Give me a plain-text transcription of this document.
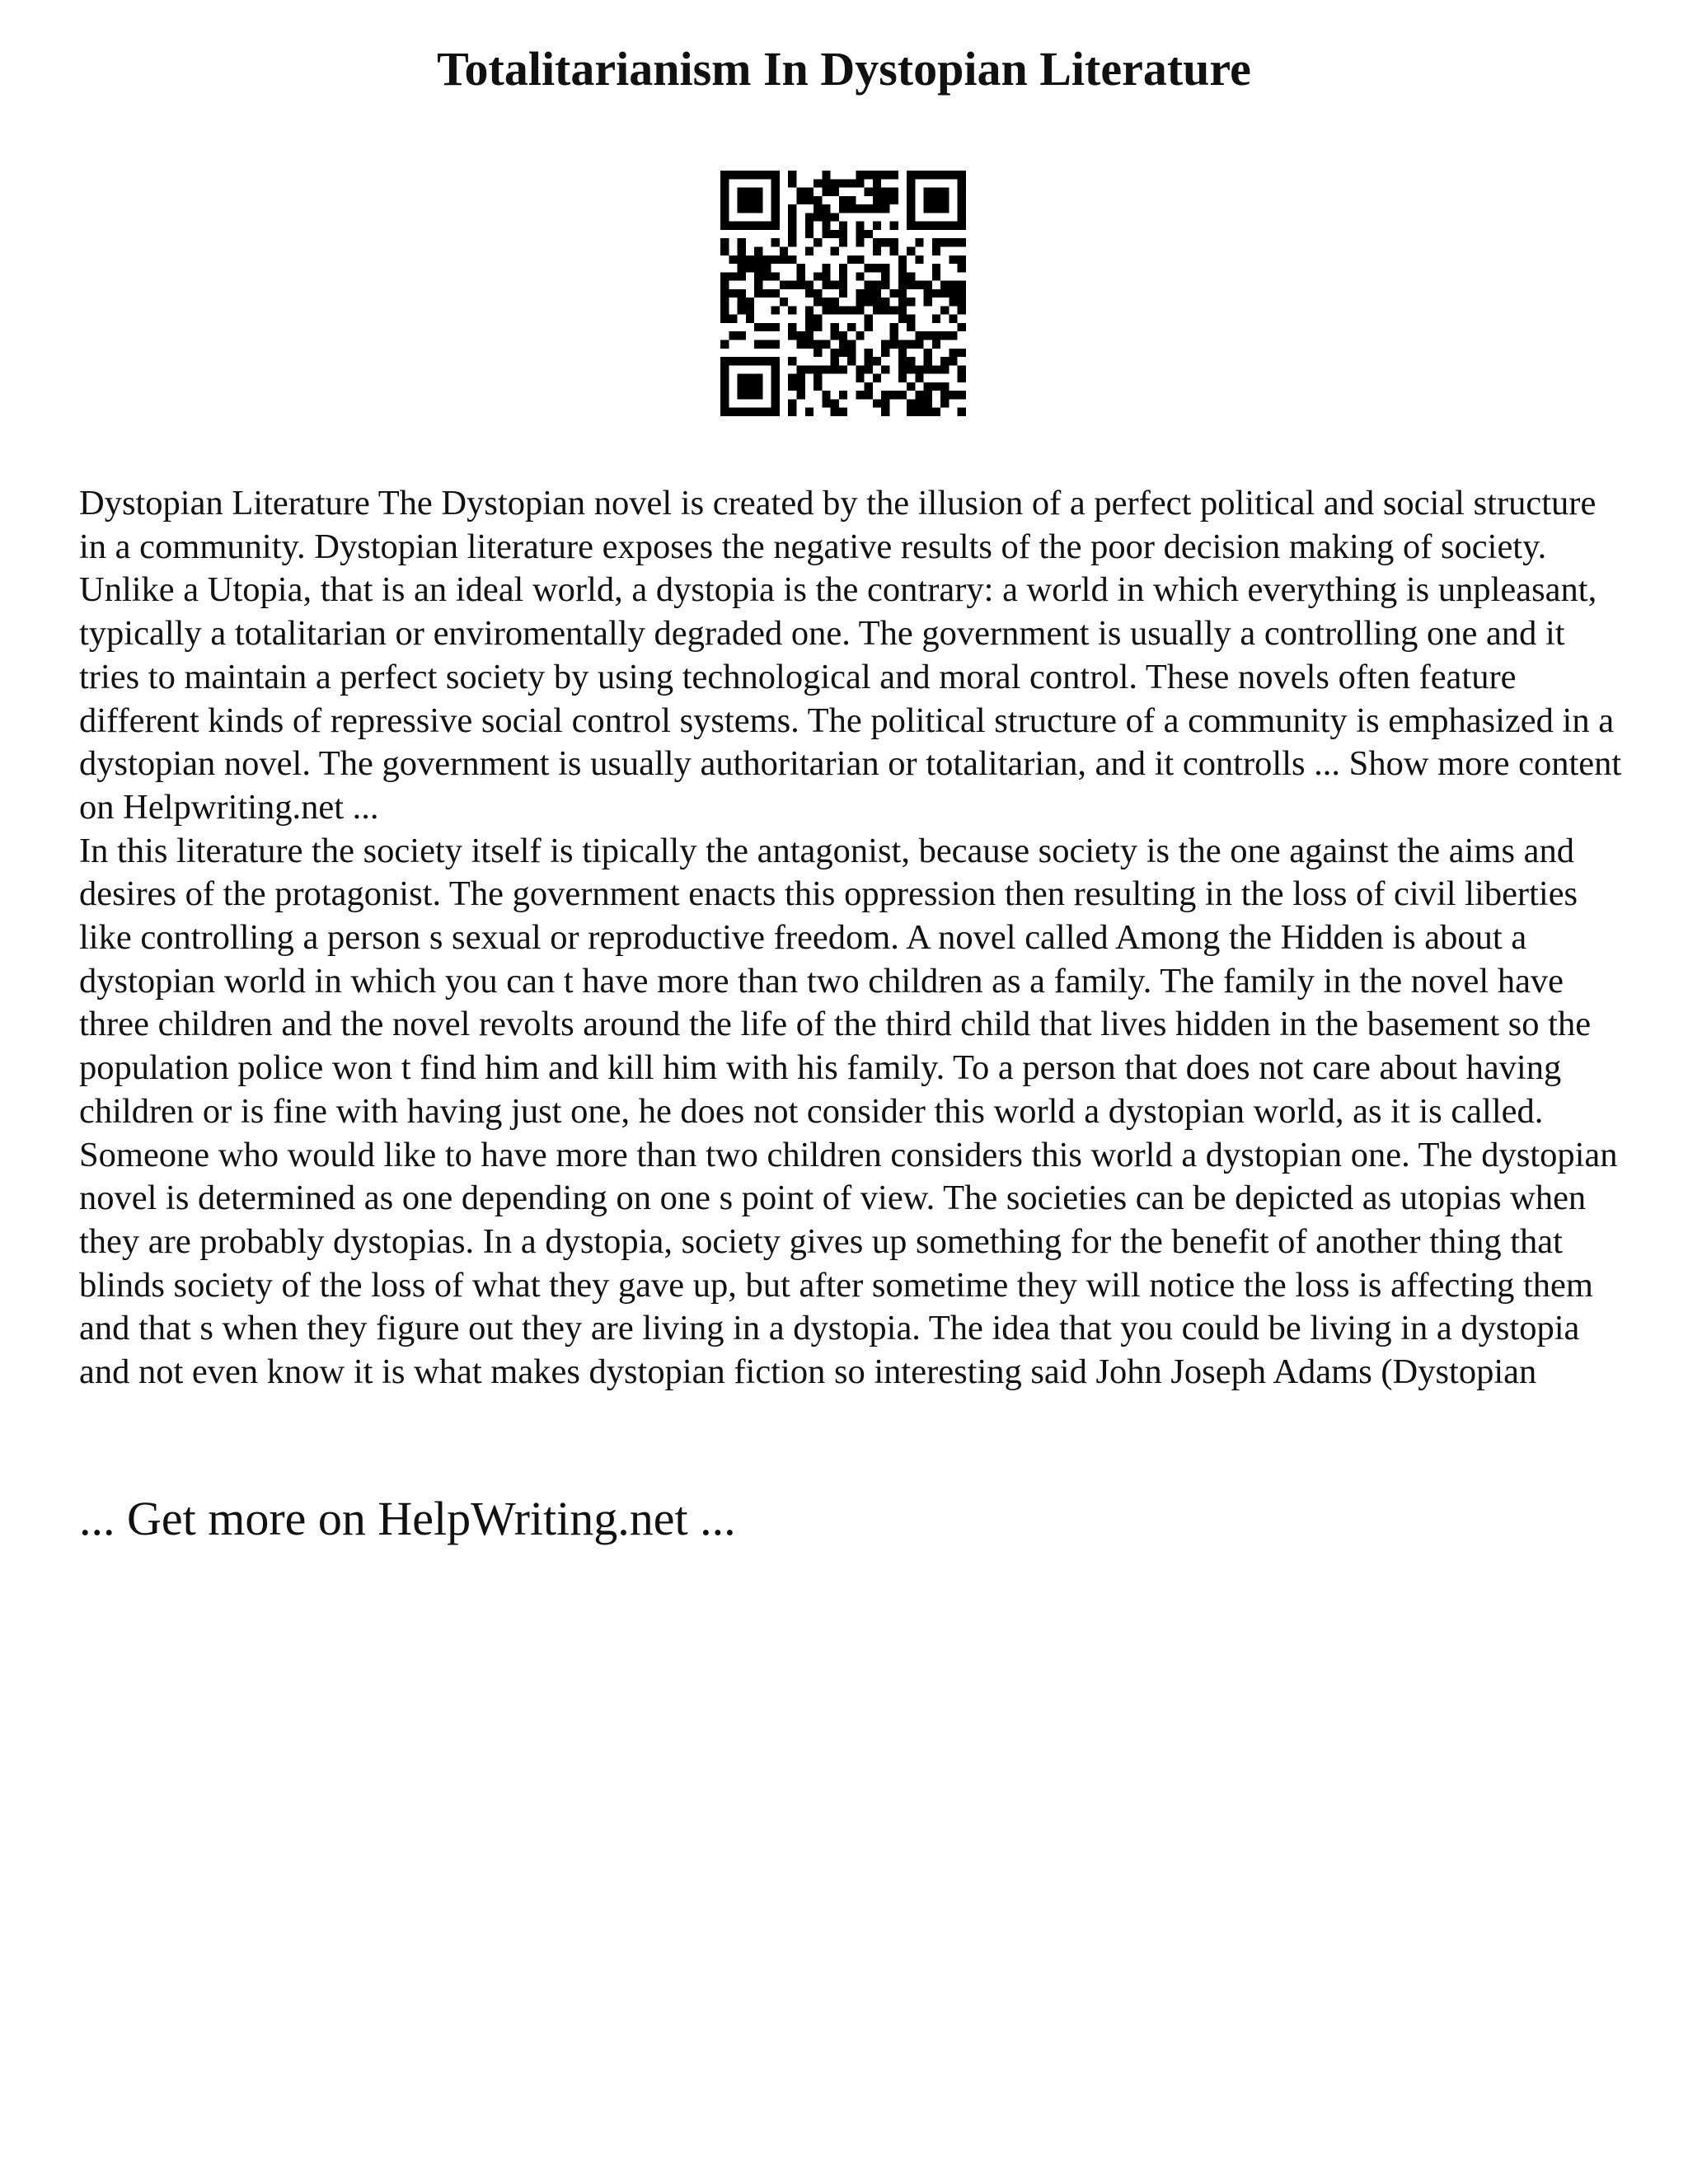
Totalitarianism In Dystopian Literature

Dystopian Literature The Dystopian novel is created by the illusion of a perfect political and social structure in a community. Dystopian literature exposes the negative results of the poor decision making of society. Unlike a Utopia, that is an ideal world, a dystopia is the contrary: a world in which everything is unpleasant, typically a totalitarian or enviromentally degraded one. The government is usually a controlling one and it tries to maintain a perfect society by using technological and moral control. These novels often feature different kinds of repressive social control systems. The political structure of a community is emphasized in a dystopian novel. The government is usually authoritarian or totalitarian, and it controlls ... Show more content on Helpwriting.net ...

In this literature the society itself is tipically the antagonist, because society is the one against the aims and desires of the protagonist. The government enacts this oppression then resulting in the loss of civil liberties like controlling a person s sexual or reproductive freedom. A novel called Among the Hidden is about a dystopian world in which you can t have more than two children as a family. The family in the novel have three children and the novel revolts around the life of the third child that lives hidden in the basement so the population police won t find him and kill him with his family. To a person that does not care about having children or is fine with having just one, he does not consider this world a dystopian world, as it is called. Someone who would like to have more than two children considers this world a dystopian one. The dystopian novel is determined as one depending on one s point of view. The societies can be depicted as utopias when they are probably dystopias. In a dystopia, society gives up something for the benefit of another thing that blinds society of the loss of what they gave up, but after sometime they will notice the loss is affecting them and that s when they figure out they are living in a dystopia. The idea that you could be living in a dystopia and not even know it is what makes dystopian fiction so interesting said John Joseph Adams (Dystopian

... Get more on HelpWriting.net ...
